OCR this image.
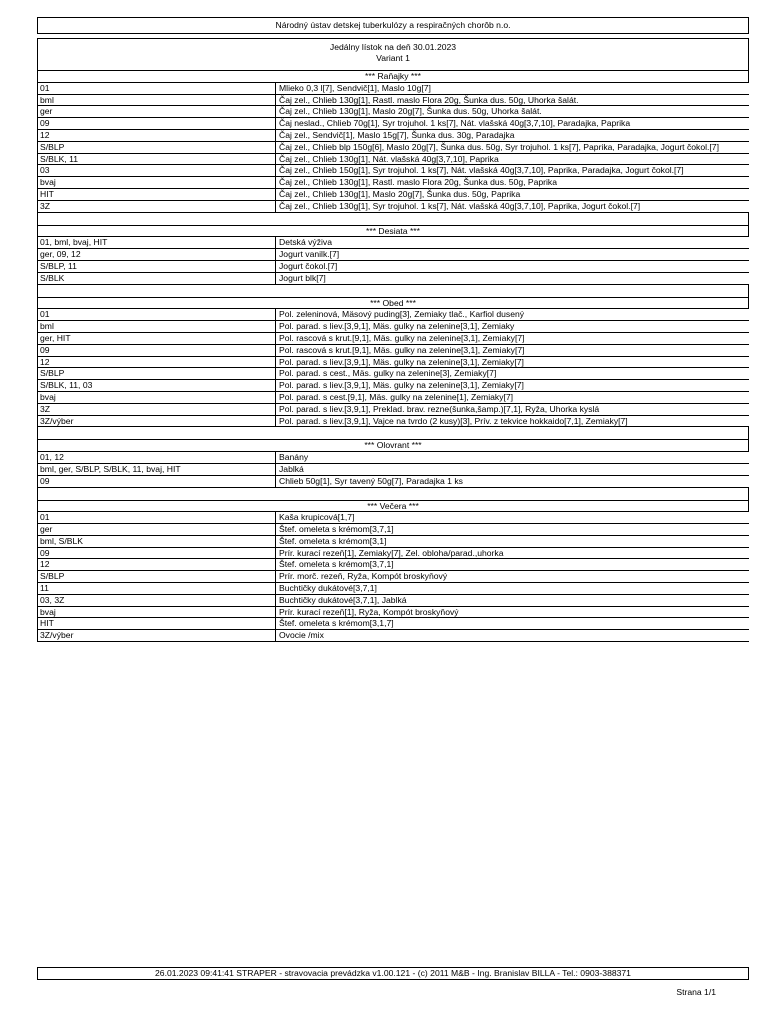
Národný ústav detskej tuberkulózy a respiračných chorôb n.o.
Jedálny lístok na deň 30.01.2023
Variant 1
*** Raňajky ***
01	Mlieko 0,3 l[7], Sendvič[1], Maslo 10g[7]
bml	Čaj zel., Chlieb 130g[1], Rastl. maslo Flora 20g, Šunka dus. 50g, Uhorka šalát.
ger	Čaj zel., Chlieb 130g[1], Maslo 20g[7], Šunka dus. 50g, Uhorka šalát.
09	Čaj neslad., Chlieb 70g[1], Syr trojuhol. 1 ks[7], Nát. vlašská 40g[3,7,10], Paradajka, Paprika
12	Čaj zel., Sendvič[1], Maslo 15g[7], Šunka dus. 30g, Paradajka
S/BLP	Čaj zel., Chlieb blp 150g[6], Maslo 20g[7], Šunka dus. 50g, Syr trojuhol. 1 ks[7], Paprika, Paradajka, Jogurt čokol.[7]
S/BLK, 11	Čaj zel., Chlieb 130g[1], Nát. vlašská 40g[3,7,10], Paprika
03	Čaj zel., Chlieb 150g[1], Syr trojuhol. 1 ks[7], Nát. vlašská 40g[3,7,10], Paprika, Paradajka, Jogurt čokol.[7]
bvaj	Čaj zel., Chlieb 130g[1], Rastl. maslo Flora 20g, Šunka dus. 50g, Paprika
HIT	Čaj zel., Chlieb 130g[1], Maslo 20g[7], Šunka dus. 50g, Paprika
3Z	Čaj zel., Chlieb 130g[1], Syr trojuhol. 1 ks[7], Nát. vlašská 40g[3,7,10], Paprika, Jogurt čokol.[7]
*** Desiata ***
01, bml, bvaj, HIT	Detská výživa
ger, 09, 12	Jogurt vanilk.[7]
S/BLP, 11	Jogurt čokol.[7]
S/BLK	Jogurt blk[7]
*** Obed ***
01	Pol. zeleninová, Mäsový puding[3], Zemiaky tlač., Karfiol dusený
bml	Pol. parad. s liev.[3,9,1], Mäs. gulky na zelenine[3,1], Zemiaky
ger, HIT	Pol. rascová s krut.[9,1], Mäs. gulky na zelenine[3,1], Zemiaky[7]
09	Pol. rascová s krut.[9,1], Mäs. gulky na zelenine[3,1], Zemiaky[7]
12	Pol. parad. s liev.[3,9,1], Mäs. gulky na zelenine[3,1], Zemiaky[7]
S/BLP	Pol. parad. s cest., Mäs. gulky na zelenine[3], Zemiaky[7]
S/BLK, 11, 03	Pol. parad. s liev.[3,9,1], Mäs. gulky na zelenine[3,1], Zemiaky[7]
bvaj	Pol. parad. s cest.[9,1], Mäs. gulky na zelenine[1], Zemiaky[7]
3Z	Pol. parad. s liev.[3,9,1], Preklad. brav. rezne(šunka,šamp.)[7,1], Ryža, Uhorka kyslá
3Z/výber	Pol. parad. s liev.[3,9,1], Vajce na tvrdo (2 kusy)[3], Prív. z tekvice hokkaido[7,1], Zemiaky[7]
*** Olovrant ***
01, 12	Banány
bml, ger, S/BLP, S/BLK, 11, bvaj, HIT	Jablká
09	Chlieb 50g[1], Syr tavený 50g[7], Paradajka 1 ks
*** Večera ***
01	Kaša krupicová[1,7]
ger	Štef. omeleta s krémom[3,7,1]
bml, S/BLK	Štef. omeleta s krémom[3,1]
09	Prír. kurací rezeň[1], Zemiaky[7], Zel. obloha/parad.,uhorka
12	Štef. omeleta s krémom[3,7,1]
S/BLP	Prír. morč. rezeň, Ryža, Kompót broskyňový
11	Buchtičky dukátové[3,7,1]
03, 3Z	Buchtičky dukátové[3,7,1], Jablká
bvaj	Prír. kurací rezeň[1], Ryža, Kompót broskyňový
HIT	Štef. omeleta s krémom[3,1,7]
3Z/výber	Ovocie /mix
26.01.2023 09:41:41 STRAPER - stravovacia prevádzka v1.00.121 - (c) 2011 M&B - Ing. Branislav BILLA - Tel.: 0903-388371
Strana 1/1
